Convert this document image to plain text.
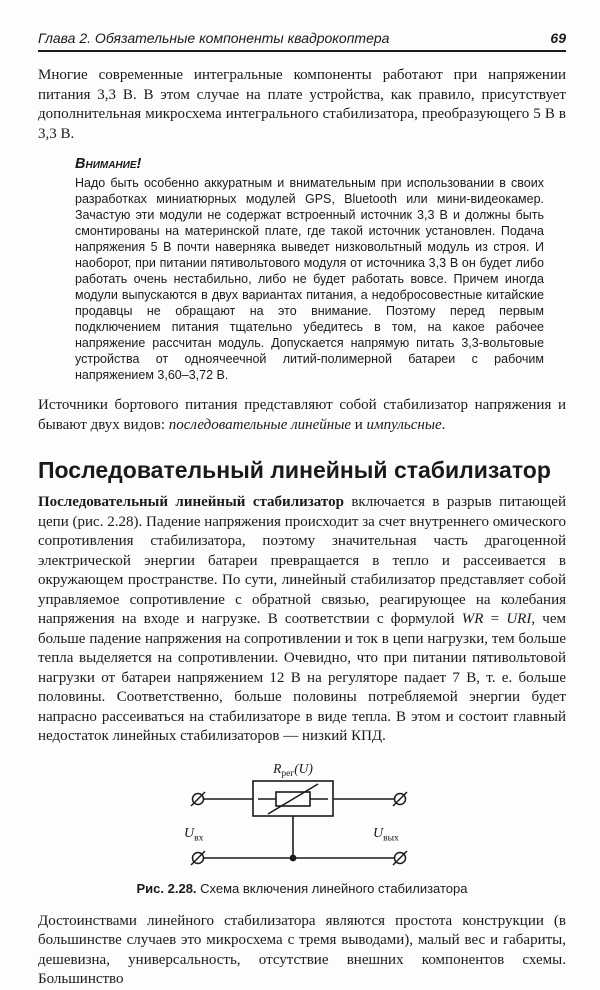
Глава 2. Обязательные компоненты квадрокоптера	69

Многие современные интегральные компоненты работают при напряжении питания 3,3 В. В этом случае на плате устройства, как правило, присутствует дополнительная микросхема интегрального стабилизатора, преобразующего 5 В в 3,3 В.

Внимание!
Надо быть особенно аккуратным и внимательным при использовании в своих разработках миниатюрных модулей GPS, Bluetooth или мини-видеокамер. Зачастую эти модули не содержат встроенный источник 3,3 В и должны быть смонтированы на материнской плате, где такой источник установлен. Подача напряжения 5 В почти наверняка выведет низковольтный модуль из строя. И наоборот, при питании пятивольтового модуля от источника 3,3 В он будет либо работать очень нестабильно, либо не будет работать вовсе. Причем иногда модули выпускаются в двух вариантах питания, а недобросовестные китайские продавцы не обращают на это внимание. Поэтому перед первым подключением питания тщательно убедитесь в том, на какое рабочее напряжение рассчитан модуль. Допускается напрямую питать 3,3-вольтовые устройства от одноячеечной литий-полимерной батареи с рабочим напряжением 3,60–3,72 В.

Источники бортового питания представляют собой стабилизатор напряжения и бывают двух видов: последовательные линейные и импульсные.

Последовательный линейный стабилизатор

Последовательный линейный стабилизатор включается в разрыв питающей цепи (рис. 2.28). Падение напряжения происходит за счет внутреннего омического сопротивления стабилизатора, поэтому значительная часть драгоценной электрической энергии батареи превращается в тепло и рассеивается в окружающем пространстве. По сути, линейный стабилизатор представляет собой управляемое сопротивление с обратной связью, реагирующее на колебания напряжения на входе и нагрузке. В соответствии с формулой WR = URI, чем больше падение напряжения на сопротивлении и ток в цепи нагрузки, тем больше тепла выделяется на сопротивлении. Очевидно, что при питании пятивольтовой нагрузки от батареи напряжением 12 В на регуляторе падает 7 В, т. е. больше половины. Соответственно, больше половины потребляемой энергии будет напрасно рассеиваться на стабилизаторе в виде тепла. В этом и состоит главный недостаток линейных стабилизаторов — низкий КПД.

$R_{рег}(U)$
$U_{вх}$	$U_{вых}$
Рис. 2.28. Схема включения линейного стабилизатора

Достоинствами линейного стабилизатора являются простота конструкции (в большинстве случаев это микросхема с тремя выводами), малый вес и габариты, дешевизна, универсальность, отсутствие внешних компонентов схемы. Большинство
